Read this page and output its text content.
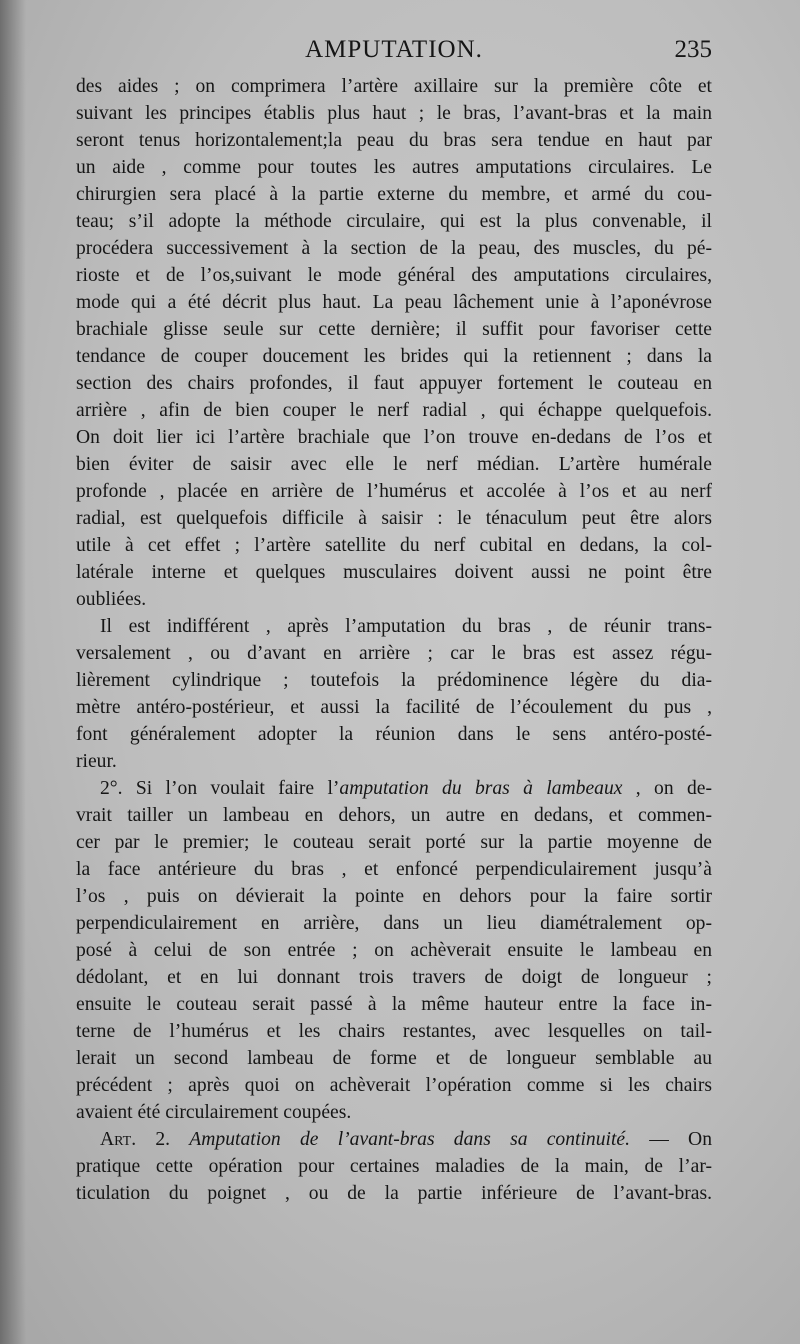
AMPUTATION.	235

des aides ; on comprimera l’artère axillaire sur la première côte et
suivant les principes établis plus haut ; le bras, l’avant-bras et la main
seront tenus horizontalement;la peau du bras sera tendue en haut par
un aide , comme pour toutes les autres amputations circulaires. Le
chirurgien sera placé à la partie externe du membre, et armé du cou-
teau; s’il adopte la méthode circulaire, qui est la plus convenable, il
procédera successivement à la section de la peau, des muscles, du pé-
rioste et de l’os,suivant le mode général des amputations circulaires,
mode qui a été décrit plus haut. La peau lâchement unie à l’aponévrose
brachiale glisse seule sur cette dernière; il suffit pour favoriser cette
tendance de couper doucement les brides qui la retiennent ; dans la
section des chairs profondes, il faut appuyer fortement le couteau en
arrière , afin de bien couper le nerf radial , qui échappe quelquefois.
On doit lier ici l’artère brachiale que l’on trouve en-dedans de l’os et
bien éviter de saisir avec elle le nerf médian. L’artère humérale
profonde , placée en arrière de l’humérus et accolée à l’os et au nerf
radial, est quelquefois difficile à saisir : le ténaculum peut être alors
utile à cet effet ; l’artère satellite du nerf cubital en dedans, la col-
latérale interne et quelques musculaires doivent aussi ne point être
oubliées.

Il est indifférent , après l’amputation du bras , de réunir trans-
versalement , ou d’avant en arrière ; car le bras est assez régu-
lièrement cylindrique ; toutefois la prédominence légère du dia-
mètre antéro-postérieur, et aussi la facilité de l’écoulement du pus ,
font généralement adopter la réunion dans le sens antéro-posté-
rieur.

2°. Si l’on voulait faire l’amputation du bras à lambeaux , on de-
vrait tailler un lambeau en dehors, un autre en dedans, et commen-
cer par le premier; le couteau serait porté sur la partie moyenne de
la face antérieure du bras , et enfoncé perpendiculairement jusqu’à
l’os , puis on dévierait la pointe en dehors pour la faire sortir
perpendiculairement en arrière, dans un lieu diamétralement op-
posé à celui de son entrée ; on achèverait ensuite le lambeau en
dédolant, et en lui donnant trois travers de doigt de longueur ;
ensuite le couteau serait passé à la même hauteur entre la face in-
terne de l’humérus et les chairs restantes, avec lesquelles on tail-
lerait un second lambeau de forme et de longueur semblable au
précédent ; après quoi on achèverait l’opération comme si les chairs
avaient été circulairement coupées.

Art. 2. Amputation de l’avant-bras dans sa continuité. — On
pratique cette opération pour certaines maladies de la main, de l’ar-
ticulation du poignet , ou de la partie inférieure de l’avant-bras.
